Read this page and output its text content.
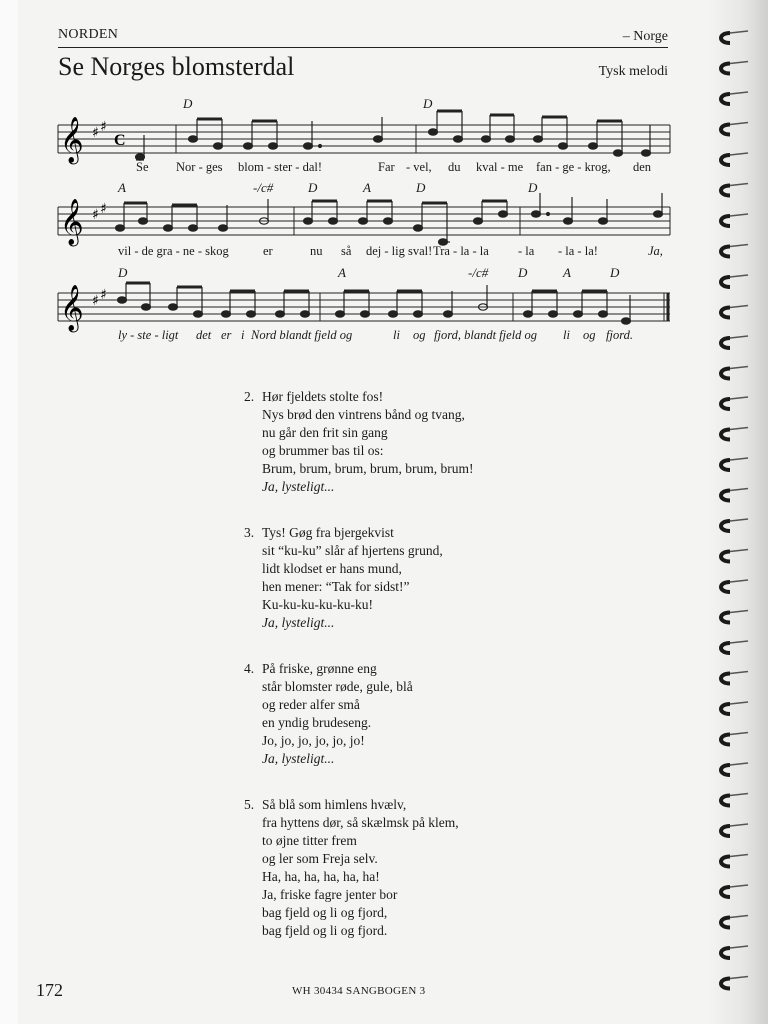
NORDEN	– Norge
Se Norges blomsterdal	Tysk melodi
D	D
𝄞 ♯ ♯
C
Se Nor - ges blom - ster - dal!	Far - vel, du kval - me fan - ge - krog, den
A	-/c#	D	A	D	D
𝄞 ♯ ♯
vil - de gra - ne - skog	er	nu så dej - lig sval! Tra - la - la - la - la - la!	Ja,
D	A	-/c# D	A	D
𝄞 ♯ ♯
ly - ste - ligt det er i Nord blandt fjeld og	li og fjord, blandt fjeld og li og fjord.
2. Hør fjeldets stolte fos!
Nys brød den vintrens bånd og tvang,
nu går den frit sin gang
og brummer bas til os:
Brum, brum, brum, brum, brum, brum!
Ja, lysteligt...
3. Tys! Gøg fra bjergekvist
sit “ku-ku” slår af hjertens grund,
lidt klodset er hans mund,
hen mener: “Tak for sidst!”
Ku-ku-ku-ku-ku-ku!
Ja, lysteligt...
4. På friske, grønne eng
står blomster røde, gule, blå
og reder alfer små
en yndig brudeseng.
Jo, jo, jo, jo, jo, jo!
Ja, lysteligt...
5. Så blå som himlens hvælv,
fra hyttens dør, så skælmsk på klem,
to øjne titter frem
og ler som Freja selv.
Ha, ha, ha, ha, ha, ha!
Ja, friske fagre jenter bor
bag fjeld og li og fjord,
bag fjeld og li og fjord.
172	WH 30434 SANGBOGEN 3
